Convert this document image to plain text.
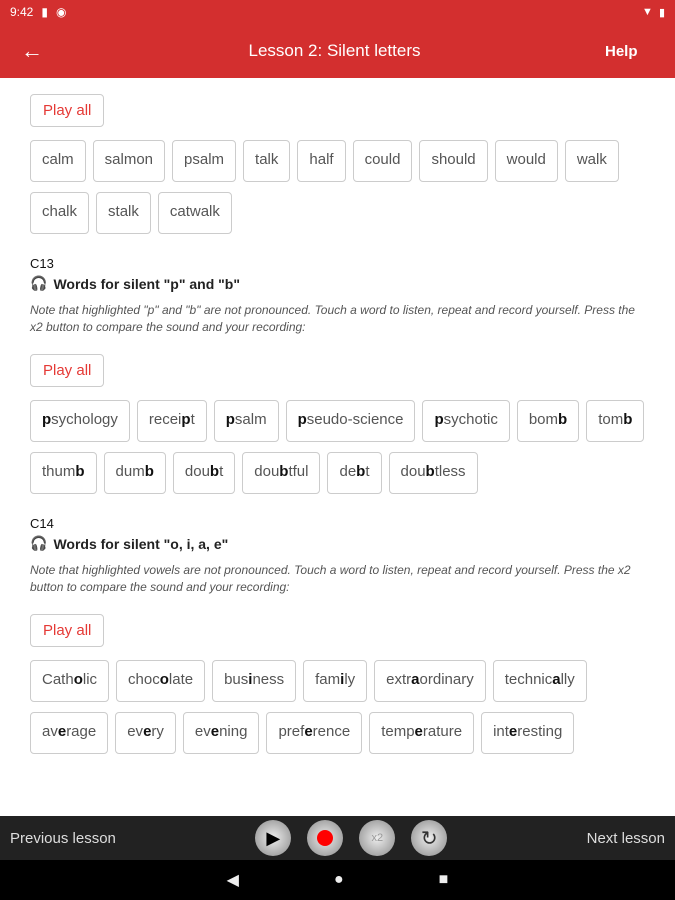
9:42 ▮ ◉	▼ ▮
←	Lesson 2: Silent letters	Help
Play all
calm	salmon	psalm	talk	half	could	should	would	walk
chalk	stalk	catwalk
C13
🎧 Words for silent "p" and "b"
Note that highlighted "p" and "b" are not pronounced. Touch a word to listen, repeat and record yourself. Press the x2 button to compare the sound and your recording:
Play all
psychology	receipt	psalm	pseudo-science	psychotic	bomb	tomb
thumb	dumb	doubt	doubtful	debt	doubtless
C14
🎧 Words for silent "o, i, a, e"
Note that highlighted vowels are not pronounced. Touch a word to listen, repeat and record yourself. Press the x2 button to compare the sound and your recording:
Play all
Catholic	chocolate	business	family	extraordinary	technically
average	every	evening	preference	temperature	interesting
Previous lesson	▶	x2 ↻	Next lesson
◀	●	■
